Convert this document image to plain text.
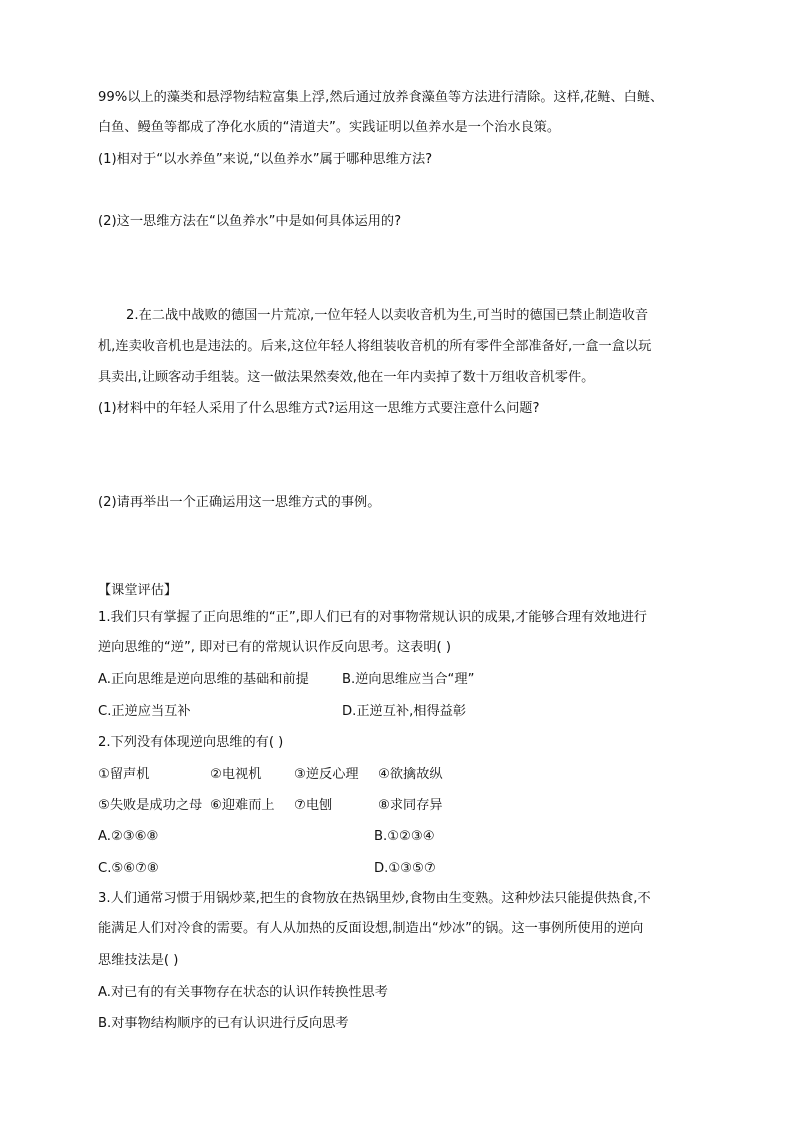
99%以上的藻类和悬浮物结粒富集上浮,然后通过放养食藻鱼等方法进行清除。这样,花鲢、白鲢、
白鱼、鳗鱼等都成了净化水质的“清道夫”。实践证明以鱼养水是一个治水良策。
(1)相对于“以水养鱼”来说,“以鱼养水”属于哪种思维方法?
(2)这一思维方法在“以鱼养水”中是如何具体运用的?
2.在二战中战败的德国一片荒凉,一位年轻人以卖收音机为生,可当时的德国已禁止制造收音
机,连卖收音机也是违法的。后来,这位年轻人将组装收音机的所有零件全部准备好,一盒一盒以玩
具卖出,让顾客动手组装。这一做法果然奏效,他在一年内卖掉了数十万组收音机零件。
(1)材料中的年轻人采用了什么思维方式?运用这一思维方式要注意什么问题?
(2)请再举出一个正确运用这一思维方式的事例。
【课堂评估】
1.我们只有掌握了正向思维的“正”,即人们已有的对事物常规认识的成果,才能够合理有效地进行
逆向思维的“逆”, 即对已有的常规认识作反向思考。这表明( )
A.正向思维是逆向思维的基础和前提	B.逆向思维应当合“理”
C.正逆应当互补	D.正逆互补,相得益彰
2.下列没有体现逆向思维的有( )
①留声机	②电视机 ③逆反心理 ④欲擒故纵
⑤失败是成功之母 ⑥迎难而上 ⑦电刨	⑧求同存异
A.②③⑥⑧	B.①②③④
C.⑤⑥⑦⑧	D.①③⑤⑦
3.人们通常习惯于用锅炒菜,把生的食物放在热锅里炒,食物由生变熟。这种炒法只能提供热食,不
能满足人们对冷食的需要。有人从加热的反面设想,制造出“炒冰”的锅。这一事例所使用的逆向
思维技法是( )
A.对已有的有关事物存在状态的认识作转换性思考
B.对事物结构顺序的已有认识进行反向思考
